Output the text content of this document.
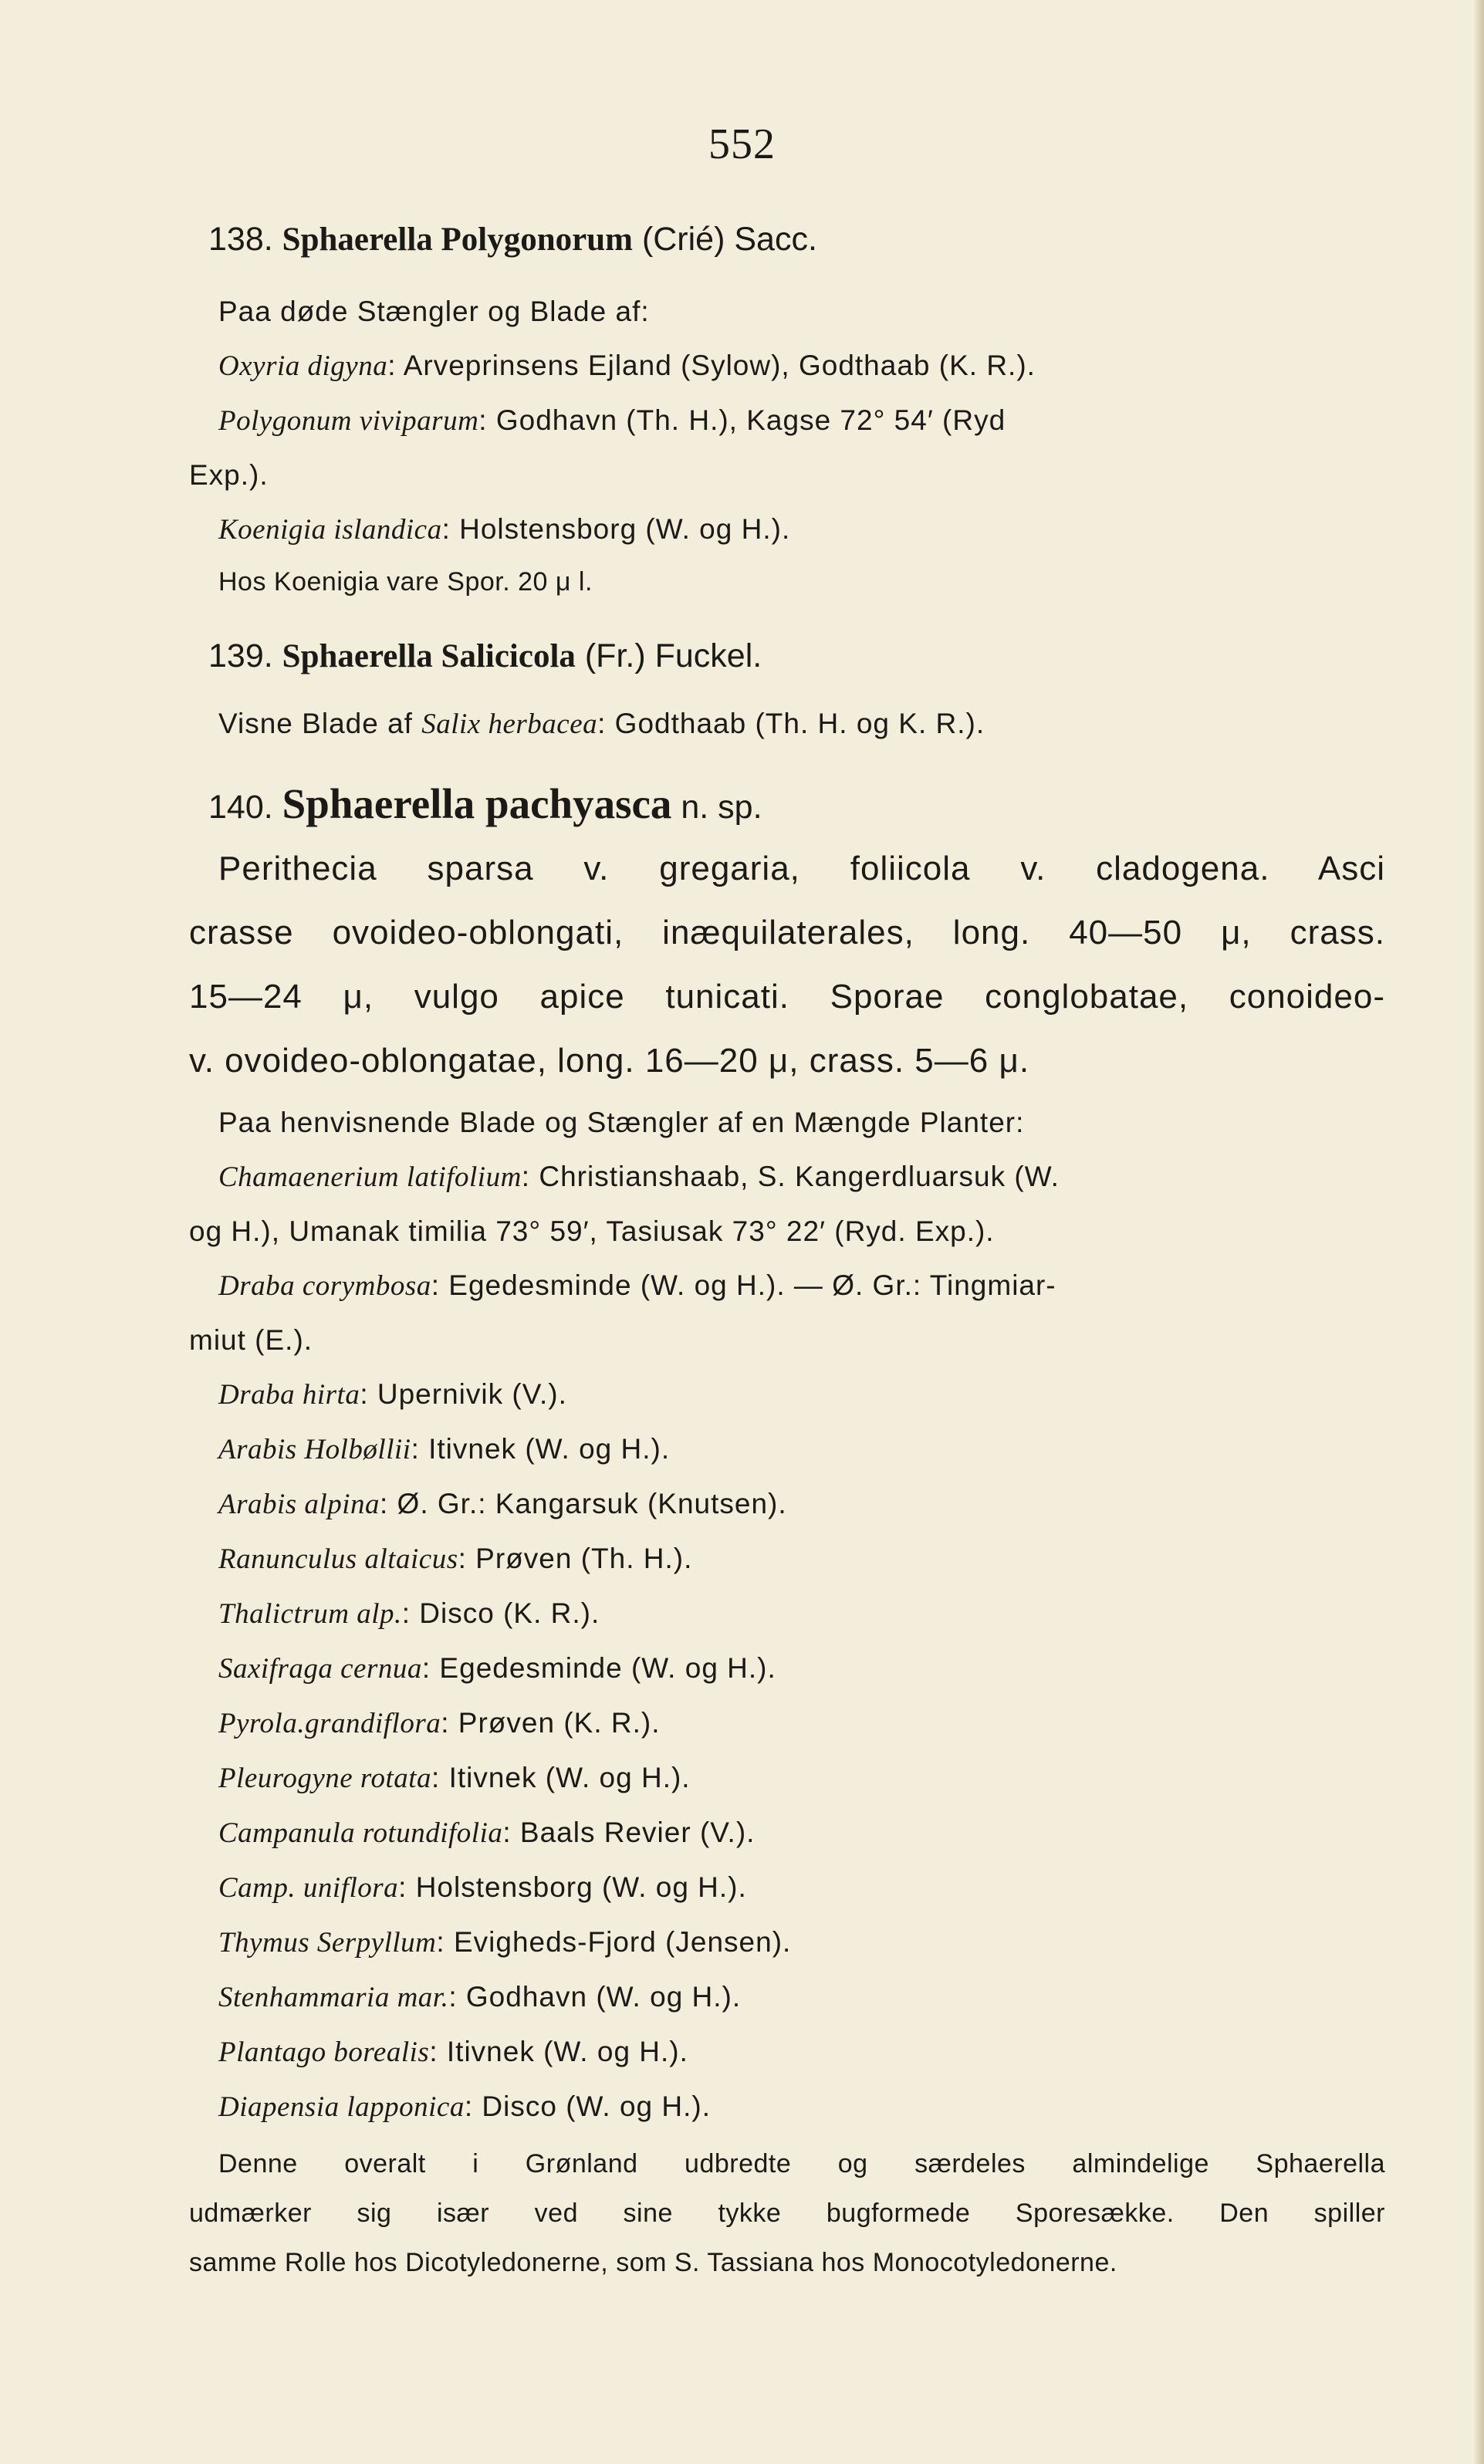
552

138. Sphaerella Polygonorum (Crié) Sacc.

Paa døde Stængler og Blade af:

Oxyria digyna: Arveprinsens Ejland (Sylow), Godthaab (K. R.).

Polygonum viviparum: Godhavn (Th. H.), Kagse 72° 54′ (Ryd

Exp.).

Koenigia islandica: Holstensborg (W. og H.).

Hos Koenigia vare Spor. 20 μ l.

139. Sphaerella Salicicola (Fr.) Fuckel.

Visne Blade af Salix herbacea: Godthaab (Th. H. og K. R.).

140. Sphaerella pachyasca n. sp.

Perithecia sparsa v. gregaria, foliicola v. cladogena. Asci

crasse ovoideo-oblongati, inæquilaterales, long. 40—50 μ, crass.

15—24 μ, vulgo apice tunicati. Sporae conglobatae, conoideo-

v. ovoideo-oblongatae, long. 16—20 μ, crass. 5—6 μ.

Paa henvisnende Blade og Stængler af en Mængde Planter:

Chamaenerium latifolium: Christianshaab, S. Kangerdluarsuk (W.

og H.), Umanak timilia 73° 59′, Tasiusak 73° 22′ (Ryd. Exp.).

Draba corymbosa: Egedesminde (W. og H.). — Ø. Gr.: Tingmiar-

miut (E.).

Draba hirta: Upernivik (V.).

Arabis Holbøllii: Itivnek (W. og H.).

Arabis alpina: Ø. Gr.: Kangarsuk (Knutsen).

Ranunculus altaicus: Prøven (Th. H.).

Thalictrum alp.: Disco (K. R.).

Saxifraga cernua: Egedesminde (W. og H.).

Pyrola.grandiflora: Prøven (K. R.).

Pleurogyne rotata: Itivnek (W. og H.).

Campanula rotundifolia: Baals Revier (V.).

Camp. uniflora: Holstensborg (W. og H.).

Thymus Serpyllum: Evigheds-Fjord (Jensen).

Stenhammaria mar.: Godhavn (W. og H.).

Plantago borealis: Itivnek (W. og H.).

Diapensia lapponica: Disco (W. og H.).

Denne overalt i Grønland udbredte og særdeles almindelige Sphaerella

udmærker sig især ved sine tykke bugformede Sporesække. Den spiller

samme Rolle hos Dicotyledonerne, som S. Tassiana hos Monocotyledonerne.
